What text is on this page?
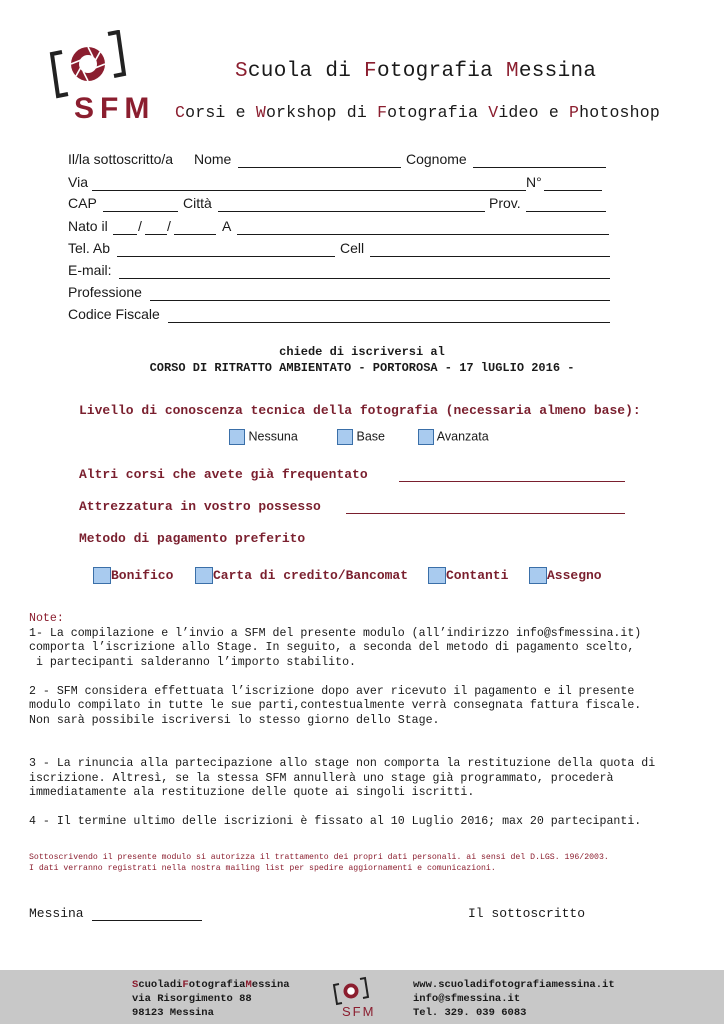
SFM
Scuola di Fotografia Messina
Corsi e Workshop di Fotografia Video e Photoshop
Il/la sottoscritto/a Nome	Cognome
Via	N°
CAP	Città	Prov.
Nato il / /	A
Tel. Ab	Cell
E-mail:
Professione
Codice Fiscale
chiede di iscriversi al
CORSO DI RITRATTO AMBIENTATO - PORTOROSA - 17 lUGLIO 2016 -
Livello di conoscenza tecnica della fotografia (necessaria almeno base):
Nessuna	Base	Avanzata
Altri corsi che avete già frequentato
Attrezzatura in vostro possesso
Metodo di pagamento preferito
Bonifico	Carta di credito/Bancomat	Contanti	Assegno

Note:

1- La compilazione e l’invio a SFM del presente modulo (all’indirizzo info@sfmessina.it)

comporta l’iscrizione allo Stage. In seguito, a seconda del metodo di pagamento scelto,

i partecipanti salderanno l’importo stabilito.

2 - SFM considera effettuata l’iscrizione dopo aver ricevuto il pagamento e il presente

modulo compilato in tutte le sue parti,contestualmente verrà consegnata fattura fiscale.

Non sarà possibile iscriversi lo stesso giorno dello Stage.

3 - La rinuncia alla partecipazione allo stage non comporta la restituzione della quota di

iscrizione. Altresì, se la stessa SFM annullerà uno stage già programmato, procederà

immediatamente ala restituzione delle quote ai singoli iscritti.

4 - Il termine ultimo delle iscrizioni è fissato al 10 Luglio 2016; max 20 partecipanti.

Sottoscrivendo il presente modulo si autorizza il trattamento dei propri dati personali. ai sensi del D.LGS. 196/2003.
I dati verranno registrati nella nostra mailing list per spedire aggiornamenti e comunicazioni.
Messina	Il sottoscritto
ScuoladiFotografiaMessina
via Risorgimento 88
98123 Messina	SFM
www.scuoladifotografiamessina.it
info@sfmessina.it
Tel. 329. 039 6083
